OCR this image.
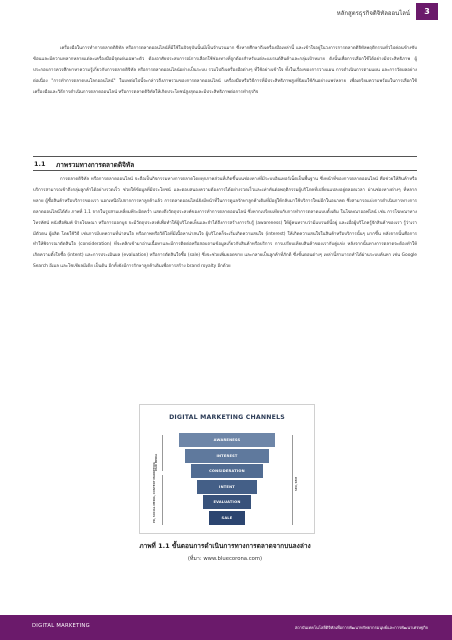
หลักสูตรธุรกิจดิจิทัลออนไลน์	3

เครื่องมือในการทำการตลาดดิจิทัล หรือการตลาดออนไลน์ที่มีใช้ในปัจจุบันนั้นมีเป็นจำนวนมาก ซึ่งหากศึกษาถึงเครื่องมือเหล่านี้ และเข้าใจอยู่ในวงการการตลาดดิจิทัลพฤติกรรมทั่วไปค่อนข้างซับซ้อนและมีความหลากหลายแต่ละเครื่องมือมีจุดเด่นเฉพาะตัว ต้องอาศัยประสบการณ์การเลือกใช้ช่องทางที่ถูกต้องสำหรับแต่ละแบรนด์สินค้าและกลุ่มเป้าหมาย ดังนั้นเพื่อการเลือกใช้ได้อย่างมีประสิทธิภาพ ผู้ประกอบการควรศึกษาหาความรู้เกี่ยวกับการตลาดดิจิทัล หรือการตลาดออนไลน์อย่างเป็นระบบ รวมไปถึงเครื่องมือต่างๆ ที่ใช้อย่างเข้าใจ ทั้งในเรื่องของการวางแผน การดำเนินการตามแผน และการวัดผลอย่างต่อเนื่อง "การทำการตลาดบนโลกออนไลน์" ในบทต่อไปนี้จะกล่าวถึงภาพรวมของการตลาดออนไลน์ เครื่องมือหรือวิธีการที่มีประสิทธิภาพสูงที่นิยมใช้กันอย่างแพร่หลาย เพื่อเตรียมความพร้อมในการเลือกใช้เครื่องมือและวิธีการดำเนินการตลาดออนไลน์ หรือการตลาดดิจิทัลให้เกิดประโยชน์สูงสุดและมีประสิทธิภาพต่อการทำธุรกิจ

1.1 ภาพรวมทางการตลาดดิจิทัล

การตลาดดิจิทัล หรือการตลาดออนไลน์ จะถือเป็นกิจกรรมทางการตลาดโดยทุกภาคส่วนที่เกิดขึ้นบนช่องทางที่มีระบบอินเทอร์เน็ตเป็นพื้นฐาน ซึ่งหน้าที่ของการตลาดออนไลน์ คือช่วยให้สินค้าหรือบริการสามารถเข้าถึงกลุ่มลูกค้าได้อย่างรวดเร็ว ช่วยให้ข้อมูลที่มีประโยชน์ และตอบสนองความต้องการได้อย่างรวดเร็วและเท่าทันต่อพฤติกรรมผู้บริโภคที่เปลี่ยนแปลงอยู่ตลอดเวลา ผ่านช่องทางต่างๆ ที่หลากหลาย ผู้ซื้อสินค้าหรือบริการของเรา นอกเหนือไปจากการหาลูกค้าแล้ว การตลาดออนไลน์ยังมีหน้าที่ในการดูแลรักษาลูกค้าเดิมที่มีอยู่ให้กลับมาใช้บริการใหม่อีกในอนาคต ซึ่งสามารถแบ่งการดำเนินการทางการตลาดออนไลน์ได้ดัง ภาพที่ 1.1 จากในรูปสามเหลี่ยมพีระมิดคว่ำ แสดงถึงวัตถุประสงค์ของการทำการตลาดออนไลน์ ซึ่งหากเปรียบเทียบกับการทำการตลาดแบบดั้งเดิม ในโฆษณาออฟไลน์ เช่น การโฆษณาทางโทรทัศน์ หนังสือพิมพ์ ป้ายโฆษณา หรือการออกบูธ จะมีวัตถุประสงค์เพื่อทำให้ผู้บริโภคเห็นและจำได้ถึงการสร้างการรับรู้ (awareness) ให้ผู้คนทราบว่ามีแบรนด์นี้อยู่ และเมื่อผู้บริโภครู้จักสินค้าของเรา รู้ว่าเรามีตัวตน ผู้ผลิต โดยใช้วิธี เช่นการมีบทความที่น่าสนใจ หรือภาพหรือวิดีโอที่มีเนื้อหาน่าสนใจ ผู้บริโภคก็จะเริ่มเกิดความสนใจ (interest) ให้เกิดความสนใจในสินค้าหรือบริการนั้นๆ มากขึ้น หลังจากนั้นคือการทำให้พิจารณาตัดสินใจ (consideration) ที่จะคลิกเข้ามาอ่านเนื้อหาและมีการติดต่อหรือสอบถามข้อมูลเกี่ยวกับสินค้าหรือบริการ การเปรียบเทียบสินค้าของเรากับคู่แข่ง หลังจากนั้นทางการตลาดจะต้องทำให้เกิดความตั้งใจซื้อ (intent) และการประเมินผล (evaluation) หรือการตัดสินใจซื้อ (sale) ซึ่งจะช่วยเพิ่มยอดขาย และกลายเป็นลูกค้าที่ภักดี ซึ่งขั้นตอนต่างๆ เหล่านี้สามารถทำได้ผ่านระบบค้นหา เช่น Google Search อีเมล และโซเชียลมีเดีย เป็นต้น อีกทั้งยังมีการรักษาลูกค้าเดิมเพื่อการสร้าง brand royalty อีกด้วย

DIGITAL MARKETING CHANNELS
AWARENESS
INTEREST
CONSIDERATION
INTENT
EVALUATION
SALE
PAID MEDIA
PR, SOCIAL MEDIA, CONTENT MARKETING	SEO, SEM
ภาพที่ 1.1 ขั้นตอนการดำเนินการทางการตลาดจากบนลงล่าง
(ที่มา: www.bluecorona.com)
DIGITAL MARKETING	สถาบันเทคโนโลยีดิจิทัลเพื่อการพัฒนาทรัพยากรมนุษย์และการพัฒนาเศรษฐกิจ
